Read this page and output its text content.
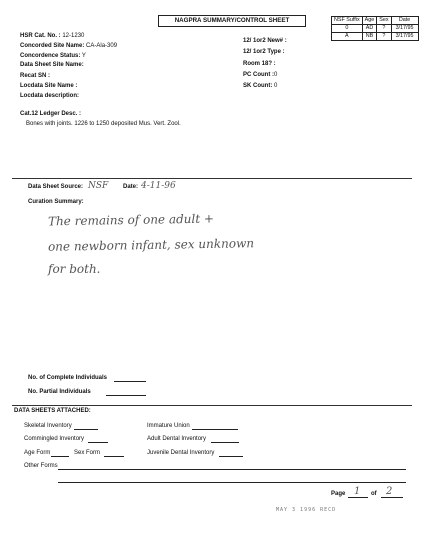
NAGPRA SUMMARY/CONTROL SHEET	NSF Suffix	Age	Sex	Date
0	AD	?	3/17/95
A	NB	?	3/17/95
HSR Cat. No. : 12-1230
Concorded Site Name: CA-Ala-309
Concordence Status: Y
Data Sheet Site Name:
Recat SN :
Locdata Site Name :
Locdata description:
12/ 1or2 New# :
12/ 1or2 Type :
Room 18? :
PC Count :0
SK Count: 0
Cat.12 Ledger Desc. :
Bones with joints. 1226 to 1250 deposited Mus. Vert. Zool.
Data Sheet Source: NSF Date: 4-11-96
Curation Summary:
The remains of one adult +
one newborn infant, sex unknown
for both.
No. of Complete Individuals
No. Partial Individuals
DATA SHEETS ATTACHED:
Skeletal Inventory
Commingled Inventory
Age Form	Sex Form
Immature Union
Adult Dental Inventory
Juvenile Dental Inventory
Other Forms
Page 1 of 2
MAY 3 1996 RECD
